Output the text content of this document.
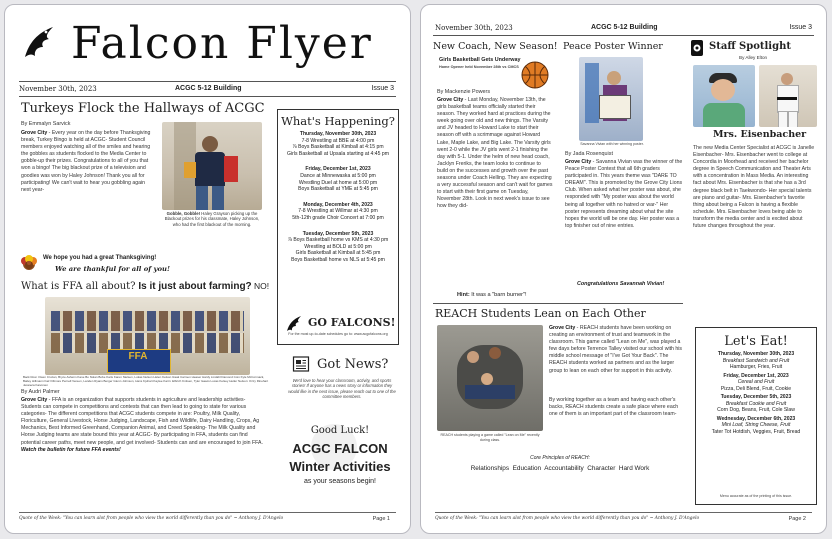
Falcon Flyer
November 30th, 2023	ACGC 5-12 Building	Issue 3
Turkeys Flock the Hallways of ACGC
By Emmalyn Sarvick
Grove City - Every year on the day before Thanksgiving break, Turkey Bingo is held at ACGC- Student Council members enjoyed watching all of the smiles and hearing the gobbles as students flocked to the Media Center to gobble-up their prizes. Congratulations to all of you that won a bingo! The big blackout prize of a television and goodies was won by Haley Johnson! Thank you all for participating! We can't wait to hear you gobbling again next year-
Gobble, Gobble! Haley Grayson picking up the Blackout prizes for his classmate, Haley Johnson, who had the first blackout of the morning.
We hope you had a great Thanksgiving!
We are thankful for all of you!
What is FFA all about? Is it just about farming? NO!
FFA
Back Row: Owen Cruzan, Bryce Asheim Kane Bo Nolan Bobe Karis Karen Nielsen, Lukas Nelson Helen Kelson Izaak Carmen Heaser Hardy Lindahl Damond Coin Kyle McCormack, Bailey Hillmann Fair Fillmore Pernell Vereen, Landen Ryans Berger Glenn Johnson, Hans Kjuhart Kaylee Karin: Elbrich Knitsen, Tyler Isaacs Lucas Kelsey Hetler Nelson: Ozzy Rinehart Jessieca Kaivonen
By Audri Palmer
Grove City - FFA is an organization that supports students in agriculture and leadership activities- Students can compete in competitions and contests that can then lead to going to state for various categories- The different competitions that ACGC students compete in are: Poultry, Milk Quality, Floriculture, General Livestock, Horse Judging, Landscape, Fish and Wildlife, Dairy Handling, Crops, Ag Mechanics, Best Informed Greenhand, Companion Animal, and Creed Speaking- The Milk Quality and Horse Judging teams are state bound this year at ACGC- By participating in FFA, students can find potential career paths, meet new people, and get involved- Students can and are encouraged to join FFA. Watch the bulletin for future FFA events!
What's Happening?

Thursday, November 30th, 2023

7-8 Wrestling at BBE at 4:00 pm

⅞ Boys Basketball at Kimball at 4:15 pm

Girls Basketball at Upsala starting at 4:45 pm

Friday, December 1st, 2023

Dance at Minnewaska at 5:00 pm

Wrestling Duel at home at 5:00 pm

Boys Basketball at YME at 5:45 pm

Monday, December 4th, 2023

7-8 Wrestling at Willmar at 4:30 pm

5th-12th grade Choir Concert at 7:00 pm

Tuesday, December 5th, 2023

⅞ Boys Basketball home vs KMS at 4:30 pm

Wrestling at BOLD at 5:00 pm

Girls Basketball at Kimball at 5:45 pm

Boys Basketball home vs NLS at 5:45 pm

GO FALCONS!
For the most up-to-date schedules go to: www.acgcfalcons.org
Got News?
We'd love to hear your classroom, activity, and sports stories! If anyone has a news story or information they would like in the next issue, please reach out to one of the committee members.
Good Luck!
ACGC FALCON
Winter Activities
as your seasons begin!
Quote of the Week: "You can learn alot from people who view the world differently than you do" ~ Anthony J. D'Angelo	Page 1
November 30th, 2023	ACGC 5-12 Building	Issue 3
New Coach, New Season!
Girls Basketball Gets Underway
Home Opener held November 28th vs CMCS
By Mackenzie Powers
Grove City - Last Monday, November 13th, the girls basketball teams officially started their season. They worked hard at practices during the week going over old and new things. The Varsity and JV headed to Howard Lake to start their season off with a scrimmage against Howard Lake, Maple Lake, and Big Lake. The Varsity girls went 2-0 while the JV girls went 2-1 finishing the day with 5-1. Under the helm of new head coach, Jacklyn Freriks, the team looks to continue to build on the successes and growth over the past seasons under Coach Helling. They are expecting a very successful season and can't wait for games to start with their first game on Tuesday, November 28th. Look in next week's issue to see how they did-
Hint: It was a "barn burner"!
Peace Poster Winner
Savanna Vivian with her winning poster.
By Jada Rosenquist
Grove City - Savanna Vivian was the winner of the Peace Poster Contest that all 6th graders participated in. This years theme was "DARE TO DREAM". This is promoted by the Grove City Lions Club. When asked what her poster was about, she responded with "My poster was about the world being all together with no hatred or war-" Her poster represents dreaming about what the site hopes the world will be one day. Her poster was a top finisher out of nine entries.
Congratulations Savannah Vivian!
Staff Spotlight
By Alley Elton
Mrs. Eisenbacher
The new Media Center Specialist at ACGC is Janelle Eisenbacher- Mrs. Eisenbacher went to college at Concordia in Moorhead and received her bachelor degree in Speech Communication and Theater Arts with a concentration in Mass Media. An interesting fact about Mrs. Eisenbacher is that she has a 3rd degree black belt in Taekwondo- Her special talents are piano and guitar- Mrs. Eisenbacher's favorite thing about being a Falcon is having a flexible schedule. Mrs. Eisenbacher loves being able to transform the media center and is excited about future changes throughout the year.
REACH Students Lean on Each Other
REACH students playing a game called "Lean on Me" recently during class.
Grove City - REACH students have been working on creating an environment of trust and teamwork in the classroom. This game called "Lean on Me", was played a few days before Terrence Talley visited our school with his middle school message of "I've Got Your Back". The REACH students worked as partners and as the larger group to lean on each other for support in this activity.
By working together as a team and having each other's backs, REACH students create a safe place where each one of them is an important part of the classroom team-
Core Principles of REACH:
Relationships Education Accountability Character Hard Work
Let's Eat!

Thursday, November 30th, 2023

Breakfast Sandwich and Fruit

Hamburger, Fries, Fruit

Friday, December 1st, 2023

Cereal and Fruit

Pizza, Deli Blend, Fruit, Cookie

Tuesday, December 5th, 2023

Breakfast Cookie and Fruit

Corn Dog, Beans, Fruit, Cole Slaw

Wednesday, December 6th, 2023

Mini Loaf, String Cheese, Fruit

Tater Tot Hotdish, Veggies, Fruit, Bread

Menu accurate as of the printing of this issue.
Quote of the Week: "You can learn alot from people who view the world differently than you do" ~ Anthony J. D'Angelo	Page 2
